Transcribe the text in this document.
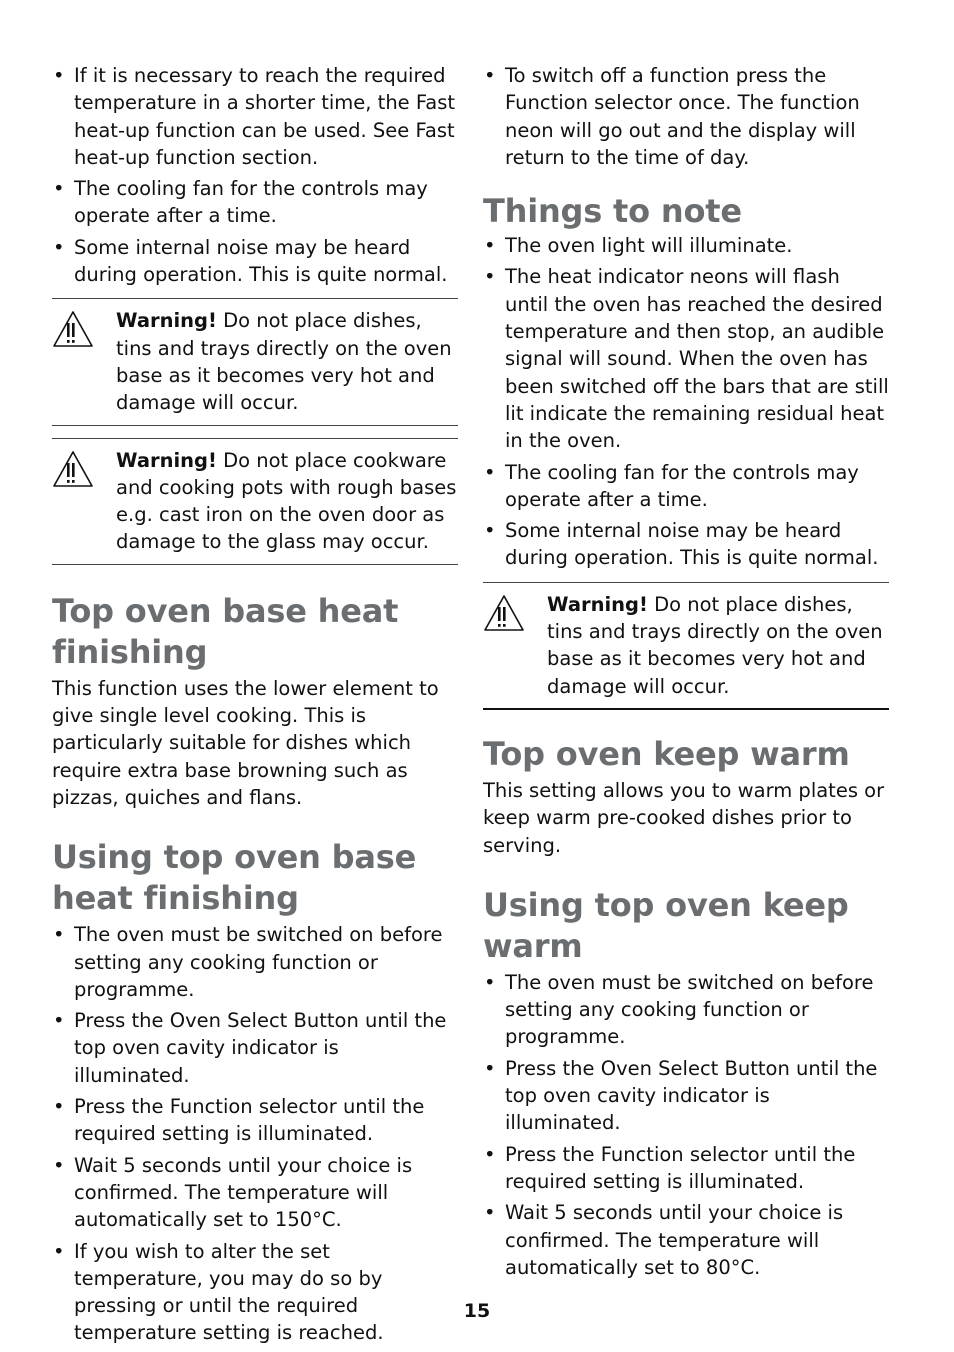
• If it is necessary to reach the required temperature in a shorter time, the Fast heat-up function can be used. See Fast heat-up function section.
• The cooling fan for the controls may operate after a time.
• Some internal noise may be heard during operation. This is quite normal.
Warning! Do not place dishes, tins and trays directly on the oven base as it becomes very hot and damage will occur.
Warning! Do not place cookware and cooking pots with rough bases e.g. cast iron on the oven door as damage to the glass may occur.
Top oven base heat finishing

This function uses the lower element to give single level cooking. This is particularly suitable for dishes which require extra base browning such as pizzas, quiches and flans.

Using top oven base heat finishing
• The oven must be switched on before setting any cooking function or programme.
• Press the Oven Select Button until the top oven cavity indicator is illuminated.
• Press the Function selector until the required setting is illuminated.
• Wait 5 seconds until your choice is confirmed. The temperature will automatically set to 150°C.
• If you wish to alter the set temperature, you may do so by pressing or until the required temperature setting is reached.
• To switch off a function press the Function selector once. The function neon will go out and the display will return to the time of day.
Things to note
• The oven light will illuminate.
• The heat indicator neons will flash until the oven has reached the desired temperature and then stop, an audible signal will sound. When the oven has been switched off the bars that are still lit indicate the remaining residual heat in the oven.
• The cooling fan for the controls may operate after a time.
• Some internal noise may be heard during operation. This is quite normal.
Warning! Do not place dishes, tins and trays directly on the oven base as it becomes very hot and damage will occur.
Top oven keep warm

This setting allows you to warm plates or keep warm pre-cooked dishes prior to serving.

Using top oven keep warm
• The oven must be switched on before setting any cooking function or programme.
• Press the Oven Select Button until the top oven cavity indicator is illuminated.
• Press the Function selector until the required setting is illuminated.
• Wait 5 seconds until your choice is confirmed. The temperature will automatically set to 80°C.
15
